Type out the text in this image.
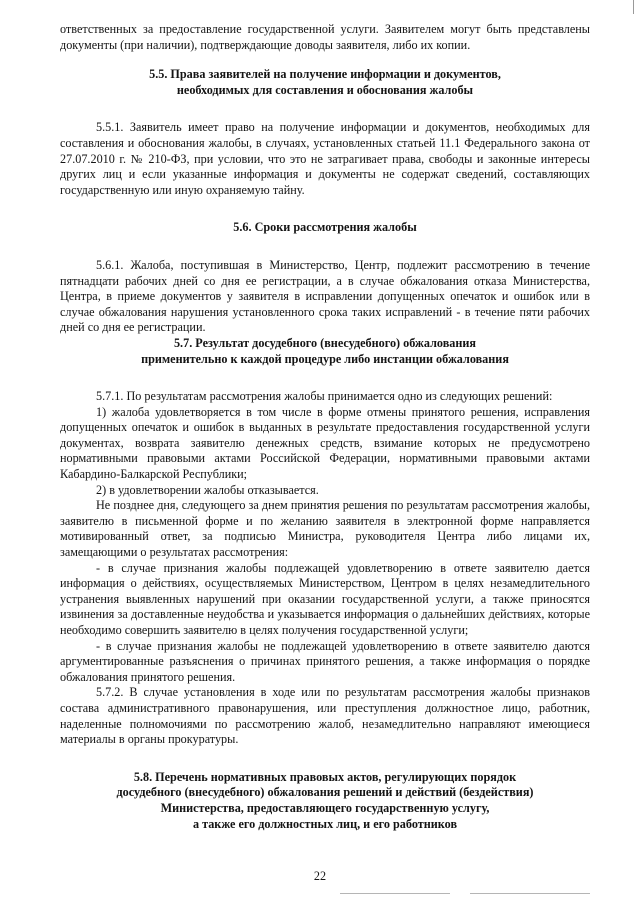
ответственных за предоставление государственной услуги. Заявителем могут быть представлены документы (при наличии), подтверждающие доводы заявителя, либо их копии.

5.5. Права заявителей на получение информации и документов,
необходимых для составления и обоснования жалобы

5.5.1. Заявитель имеет право на получение информации и документов, необходимых для составления и обоснования жалобы, в случаях, установленных статьей 11.1 Федерального закона от 27.07.2010 г. № 210-ФЗ, при условии, что это не затрагивает права, свободы и законные интересы других лиц и если указанные информация и документы не содержат сведений, составляющих государственную или иную охраняемую тайну.

5.6. Сроки рассмотрения жалобы

5.6.1. Жалоба, поступившая в Министерство, Центр, подлежит рассмотрению в течение пятнадцати рабочих дней со дня ее регистрации, а в случае обжалования отказа Министерства, Центра, в приеме документов у заявителя в исправлении допущенных опечаток и ошибок или в случае обжалования нарушения установленного срока таких исправлений - в течение пяти рабочих дней со дня ее регистрации.

5.7. Результат досудебного (внесудебного) обжалования
применительно к каждой процедуре либо инстанции обжалования

5.7.1. По результатам рассмотрения жалобы принимается одно из следующих решений:

1) жалоба удовлетворяется в том числе в форме отмены принятого решения, исправления допущенных опечаток и ошибок в выданных в результате предоставления государственной услуги документах, возврата заявителю денежных средств, взимание которых не предусмотрено нормативными правовыми актами Российской Федерации, нормативными правовыми актами Кабардино-Балкарской Республики;

2) в удовлетворении жалобы отказывается.

Не позднее дня, следующего за днем принятия решения по результатам рассмотрения жалобы, заявителю в письменной форме и по желанию заявителя в электронной форме направляется мотивированный ответ, за подписью Министра, руководителя Центра либо лицами их, замещающими о результатах рассмотрения:

- в случае признания жалобы подлежащей удовлетворению в ответе заявителю дается информация о действиях, осуществляемых Министерством, Центром в целях незамедлительного устранения выявленных нарушений при оказании государственной услуги, а также приносятся извинения за доставленные неудобства и указывается информация о дальнейших действиях, которые необходимо совершить заявителю в целях получения государственной услуги;

- в случае признания жалобы не подлежащей удовлетворению в ответе заявителю даются аргументированные разъяснения о причинах принятого решения, а также информация о порядке обжалования принятого решения.

5.7.2. В случае установления в ходе или по результатам рассмотрения жалобы признаков состава административного правонарушения, или преступления должностное лицо, работник, наделенные полномочиями по рассмотрению жалоб, незамедлительно направляют имеющиеся материалы в органы прокуратуры.

5.8. Перечень нормативных правовых актов, регулирующих порядок
досудебного (внесудебного) обжалования решений и действий (бездействия)
Министерства, предоставляющего государственную услугу,
а также его должностных лиц, и его работников
22
